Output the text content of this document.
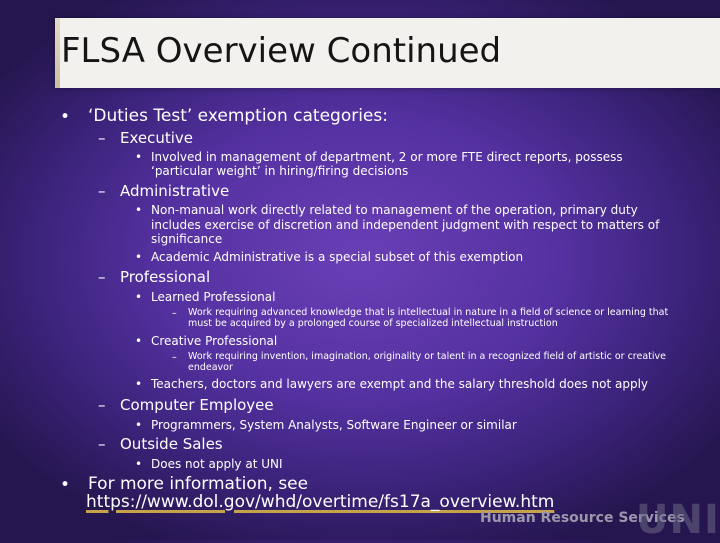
FLSA Overview Continued
• ‘Duties Test’ exemption categories:
– Executive
• Involved in management of department, 2 or more FTE direct reports, possess ‘particular weight’ in hiring/firing decisions
– Administrative
• Non-manual work directly related to management of the operation, primary duty includes exercise of discretion and independent judgment with respect to matters of significance
• Academic Administrative is a special subset of this exemption
– Professional
• Learned Professional
– Work requiring advanced knowledge that is intellectual in nature in a field of science or learning that must be acquired by a prolonged course of specialized intellectual instruction
• Creative Professional
– Work requiring invention, imagination, originality or talent in a recognized field of artistic or creative endeavor
• Teachers, doctors and lawyers are exempt and the salary threshold does not apply
– Computer Employee
• Programmers, System Analysts, Software Engineer or similar
– Outside Sales
• Does not apply at UNI
• For more information, see
https://www.dol.gov/whd/overtime/fs17a_overview.htm
Human Resource Services
UNI
